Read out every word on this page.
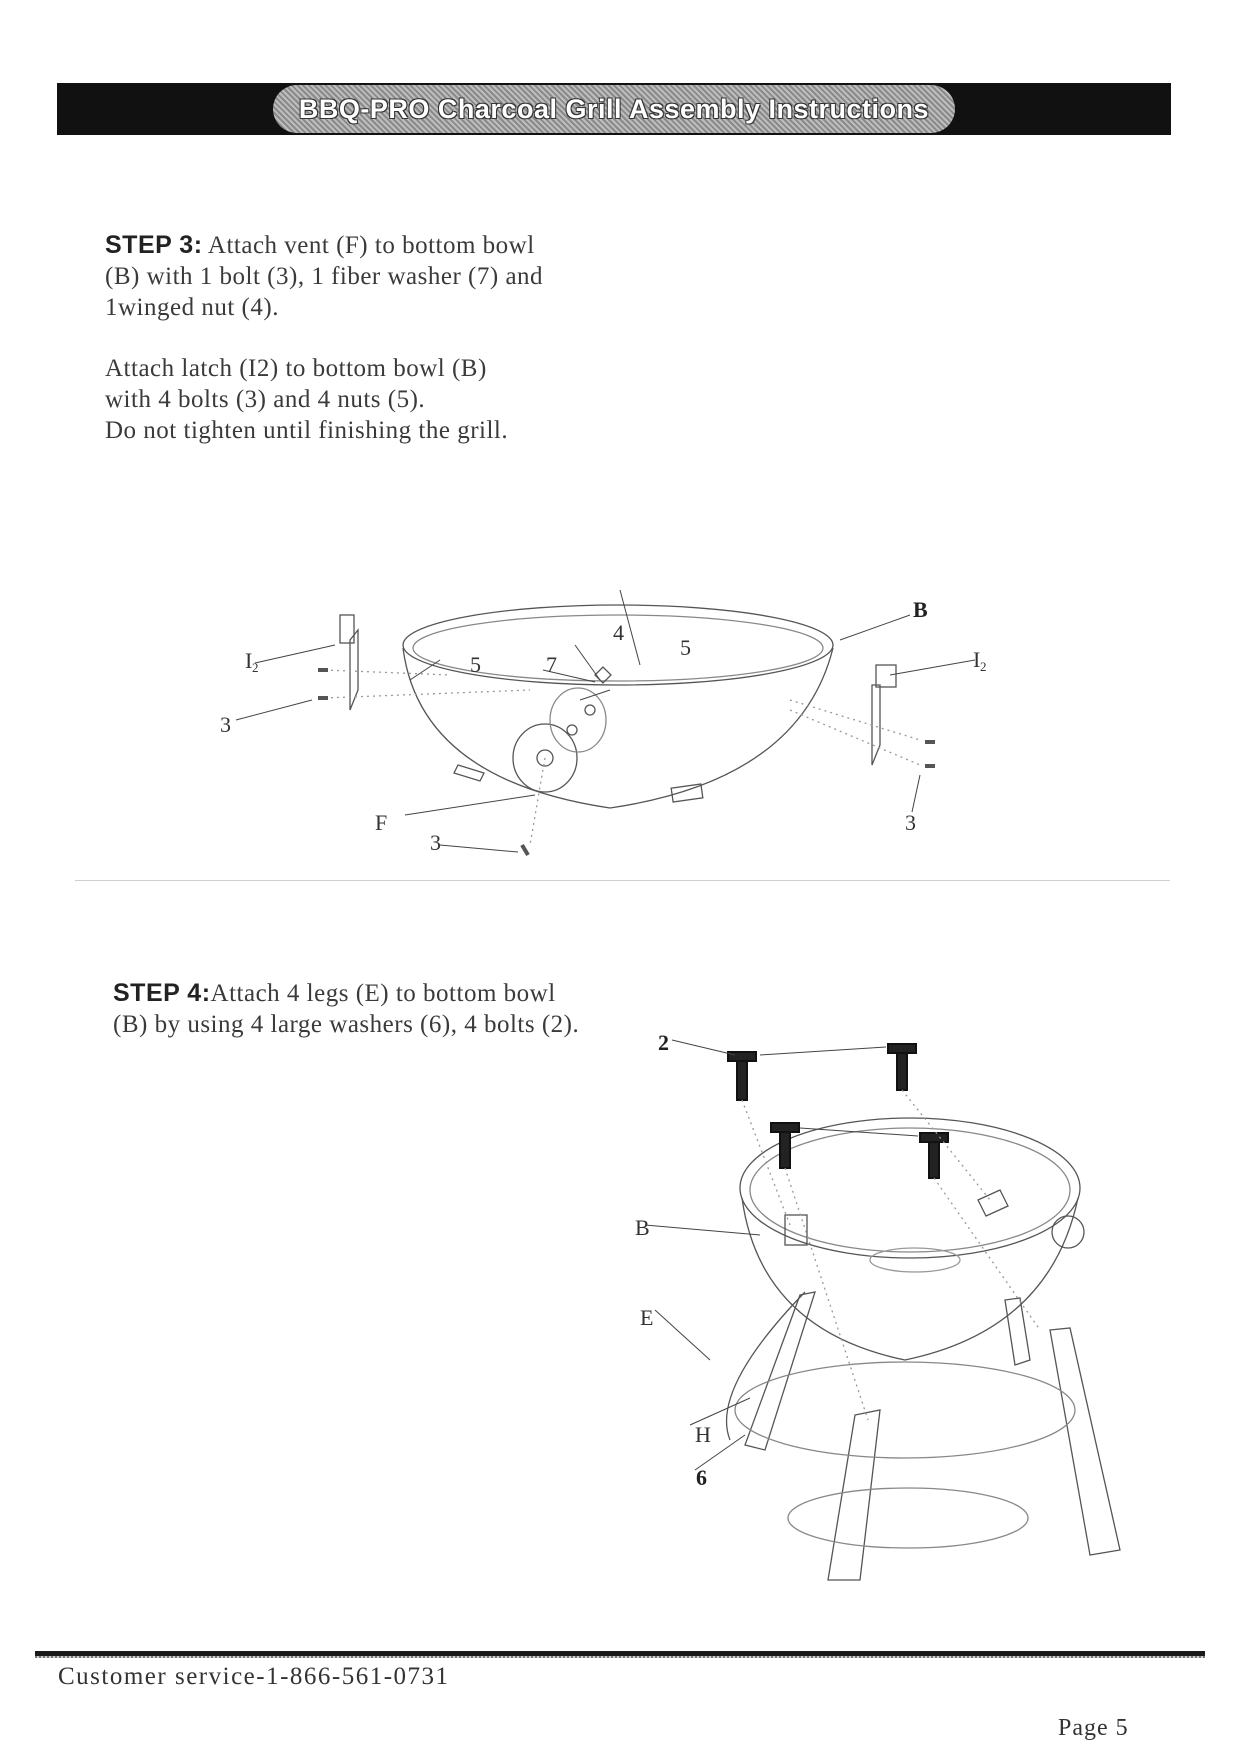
BBQ-PRO Charcoal Grill Assembly Instructions
STEP 3: Attach vent (F) to bottom bowl (B) with 1 bolt (3), 1 fiber washer (7) and 1winged nut (4).
Attach latch (I2) to bottom bowl (B)
with 4 bolts (3) and 4 nuts (5).
Do not tighten until finishing the grill.
I 2
3
B
I 2
3
F
3
4
7
5
5
STEP 4:Attach 4 legs (E) to bottom bowl (B) by using 4 large washers (6), 4 bolts (2).
2
B
E
H
6
Customer service-1-866-561-0731
Page 5
